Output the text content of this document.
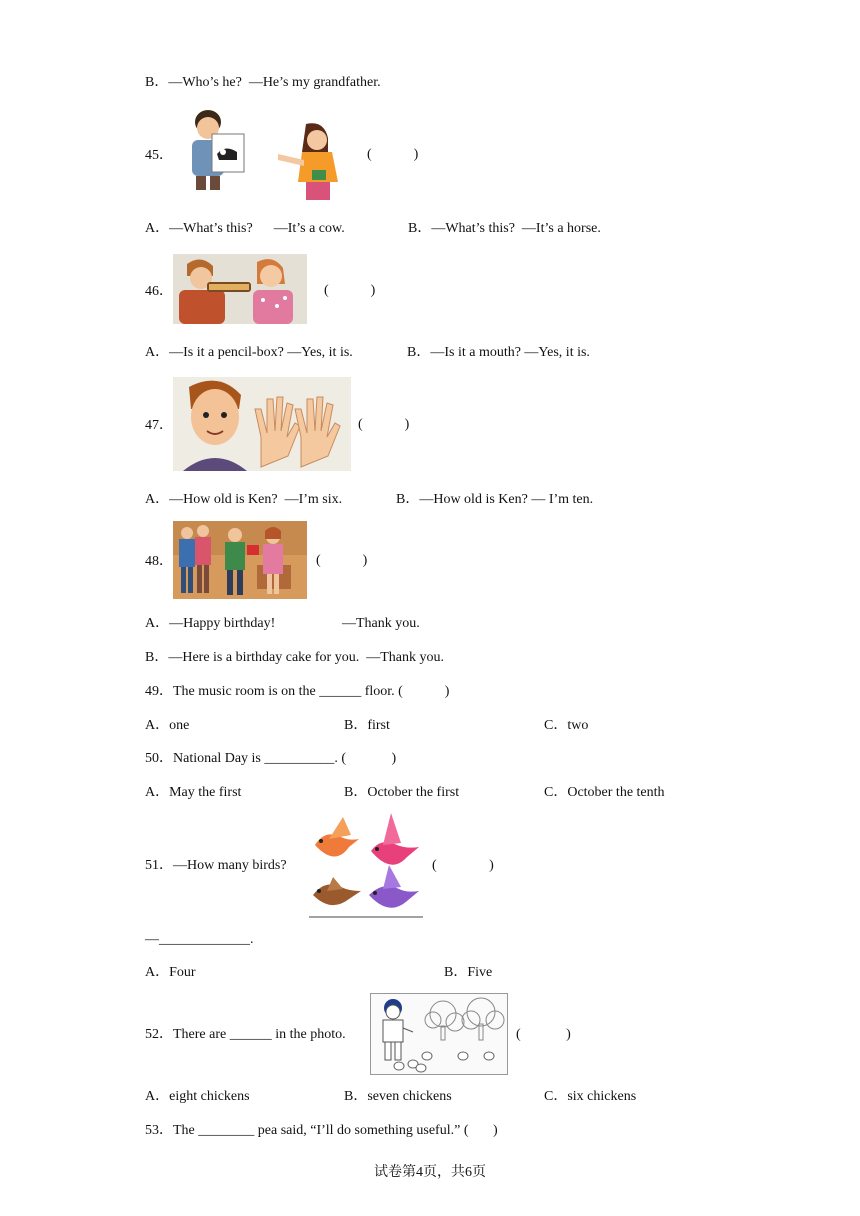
B．—Who’s he?  —He’s my grandfather.
45．	(            )
A．—What’s this?      —It’s a cow.	B．—What’s this?  —It’s a horse.
46．	(            )
A．—Is it a pencil-box? —Yes, it is.	B．—Is it a mouth? —Yes, it is.
47．	(            )
A．—How old is Ken?  —I’m six.	B．—How old is Ken? — I’m ten.
48．	(            )
A．—Happy birthday!	—Thank you.
B．—Here is a birthday cake for you.  —Thank you.
49．The music room is on the ______ floor. (            )
A．one	B．first	C．two
50．National Day is __________. (             )
A．May the first	B．October the first	C．October the tenth
51．—How many birds?	(               )
—_____________.
A．Four	B．Five
52．There are ______ in the photo.	(             )
A．eight chickens	B．seven chickens	C．six chickens
53．The ________ pea said, “I’ll do something useful.” (       )
试卷第4页，共6页
